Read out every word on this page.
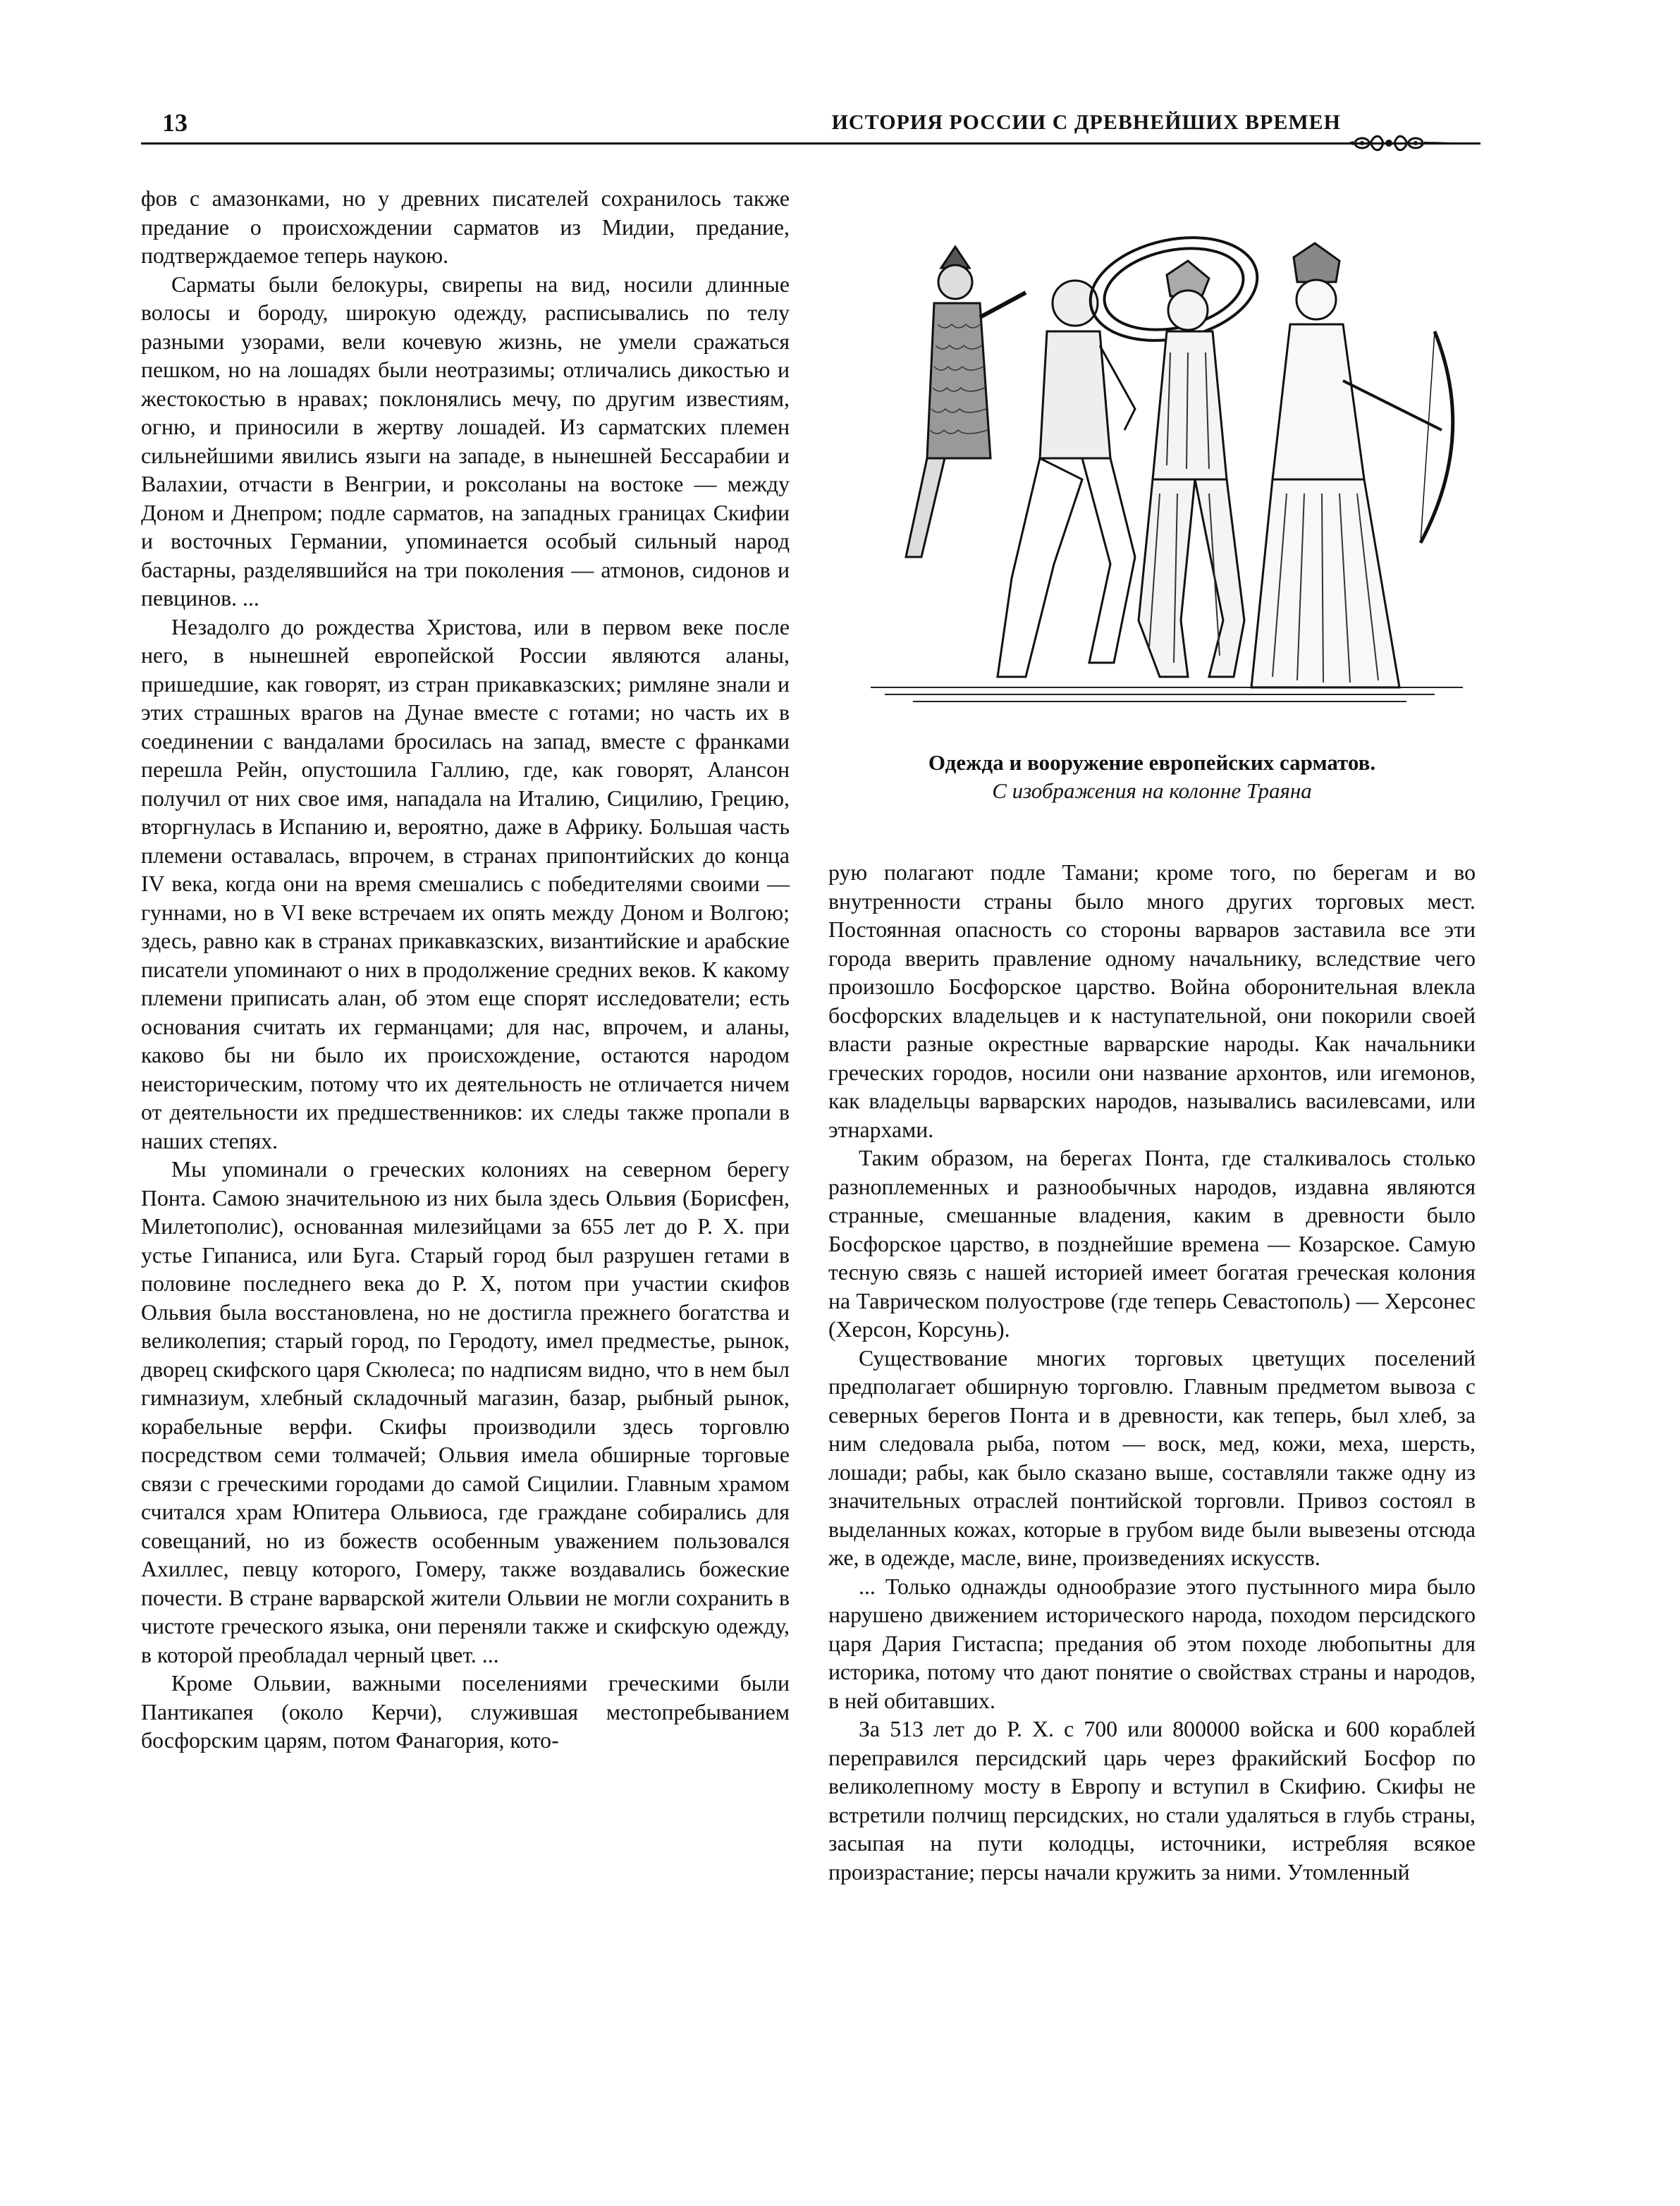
13	ИСТОРИЯ РОССИИ С ДРЕВНЕЙШИХ ВРЕМЕН

фов с амазонками, но у древних писателей сохранилось также предание о происхождении сарматов из Мидии, предание, подтверждаемое теперь наукою.

Сарматы были белокуры, свирепы на вид, носили длинные волосы и бороду, широкую одежду, расписывались по телу разными узорами, вели кочевую жизнь, не умели сражаться пешком, но на лошадях были неотразимы; отличались дикостью и жестокостью в нравах; поклонялись мечу, по другим известиям, огню, и приносили в жертву лошадей. Из сарматских племен сильнейшими явились языги на западе, в нынешней Бессарабии и Валахии, отчасти в Венгрии, и роксоланы на востоке — между Доном и Днепром; подле сарматов, на западных границах Скифии и восточных Германии, упоминается особый сильный народ бастарны, разделявшийся на три поколения — атмонов, сидонов и певцинов. ...

Незадолго до рождества Христова, или в первом веке после него, в нынешней европейской России являются аланы, пришедшие, как говорят, из стран прикавказских; римляне знали и этих страшных врагов на Дунае вместе с готами; но часть их в соединении с вандалами бросилась на запад, вместе с франками перешла Рейн, опустошила Галлию, где, как говорят, Алансон получил от них свое имя, нападала на Италию, Сицилию, Грецию, вторгнулась в Испанию и, вероятно, даже в Африку. Большая часть племени оставалась, впрочем, в странах припонтийских до конца IV века, когда они на время смешались с победителями своими — гуннами, но в VI веке встречаем их опять между Доном и Волгою; здесь, равно как в странах прикавказских, византийские и арабские писатели упоминают о них в продолжение средних веков. К какому племени приписать алан, об этом еще спорят исследователи; есть основания считать их германцами; для нас, впрочем, и аланы, каково бы ни было их происхождение, остаются народом неисторическим, потому что их деятельность не отличается ничем от деятельности их предшественников: их следы также пропали в наших степях.

Мы упоминали о греческих колониях на северном берегу Понта. Самою значительною из них была здесь Ольвия (Борисфен, Милетополис), основанная милезийцами за 655 лет до Р. Х. при устье Гипаниса, или Буга. Старый город был разрушен гетами в половине последнего века до Р. Х, потом при участии скифов Ольвия была восстановлена, но не достигла прежнего богатства и великолепия; старый город, по Геродоту, имел предместье, рынок, дворец скифского царя Скюлеса; по надписям видно, что в нем был гимназиум, хлебный складочный магазин, базар, рыбный рынок, корабельные верфи. Скифы производили здесь торговлю посредством семи толмачей; Ольвия имела обширные торговые связи с греческими городами до самой Сицилии. Главным храмом считался храм Юпитера Ольвиоса, где граждане собирались для совещаний, но из божеств особенным уважением пользовался Ахиллес, певцу которого, Гомеру, также воздавались божеские почести. В стране варварской жители Ольвии не могли сохранить в чистоте греческого языка, они переняли также и скифскую одежду, в которой преобладал черный цвет. ...

Кроме Ольвии, важными поселениями греческими были Пантикапея (около Керчи), служившая местопребыванием босфорским царям, потом Фанагория, кото-

Одежда и вооружение европейских сарматов.
С изображения на колонне Траяна

рую полагают подле Тамани; кроме того, по берегам и во внутренности страны было много других торговых мест. Постоянная опасность со стороны варваров заставила все эти города вверить правление одному начальнику, вследствие чего произошло Босфорское царство. Война оборонительная влекла босфорских владельцев и к наступательной, они покорили своей власти разные окрестные варварские народы. Как начальники греческих городов, носили они название архонтов, или игемонов, как владельцы варварских народов, назывались василевсами, или этнархами.

Таким образом, на берегах Понта, где сталкивалось столько разноплеменных и разнообычных народов, издавна являются странные, смешанные владения, каким в древности было Босфорское царство, в позднейшие времена — Козарское. Самую тесную связь с нашей историей имеет богатая греческая колония на Таврическом полуострове (где теперь Севастополь) — Херсонес (Херсон, Корсунь).

Существование многих торговых цветущих поселений предполагает обширную торговлю. Главным предметом вывоза с северных берегов Понта и в древности, как теперь, был хлеб, за ним следовала рыба, потом — воск, мед, кожи, меха, шерсть, лошади; рабы, как было сказано выше, составляли также одну из значительных отраслей понтийской торговли. Привоз состоял в выделанных кожах, которые в грубом виде были вывезены отсюда же, в одежде, масле, вине, произведениях искусств.

... Только однажды однообразие этого пустынного мира было нарушено движением исторического народа, походом персидского царя Дария Гистаспа; предания об этом походе любопытны для историка, потому что дают понятие о свойствах страны и народов, в ней обитавших.

За 513 лет до Р. Х. с 700 или 800000 войска и 600 кораблей переправился персидский царь через фракийский Босфор по великолепному мосту в Европу и вступил в Скифию. Скифы не встретили полчищ персидских, но стали удаляться в глубь страны, засыпая на пути колодцы, источники, истребляя всякое произрастание; персы начали кружить за ними. Утомленный
